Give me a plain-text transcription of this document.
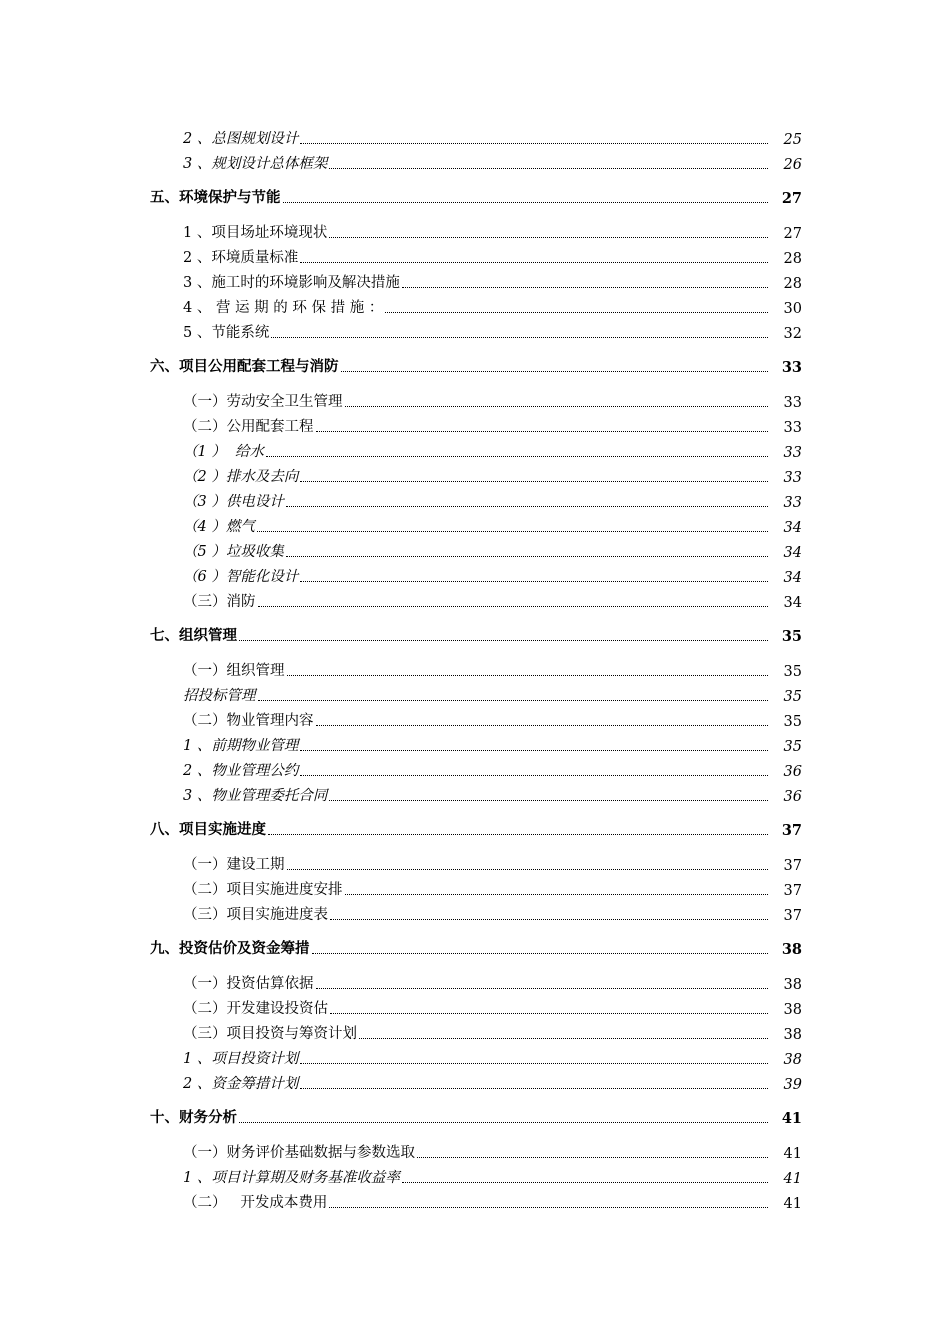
2 、总图规划设计	25
3 、规划设计总体框架	26
五、环境保护与节能	27
1 、项目场址环境现状	27
2 、环境质量标准	28
3 、施工时的环境影响及解决措施	28
4 、 营 运 期 的 环 保 措 施 ：	30
5 、节能系统	32
六、项目公用配套工程与消防	33
（一）劳动安全卫生管理	33
（二）公用配套工程	33
（1 ）  给水	33
（2 ）排水及去向	33
（3 ）供电设计	33
（4 ）燃气	34
（5 ）垃圾收集	34
（6 ）智能化设计	34
（三）消防	34
七、组织管理	35
（一）组织管理	35
招投标管理	35
（二）物业管理内容	35
1 、前期物业管理	35
2 、物业管理公约	36
3 、物业管理委托合同	36
八、项目实施进度	37
（一）建设工期	37
（二）项目实施进度安排	37
（三）项目实施进度表	37
九、投资估价及资金筹措	38
（一）投资估算依据	38
（二）开发建设投资估	38
（三）项目投资与筹资计划	38
1 、项目投资计划	38
2 、资金筹措计划	39
十、财务分析	41
（一）财务评价基础数据与参数选取	41
1 、项目计算期及财务基准收益率	41
（二）   开发成本费用	41
